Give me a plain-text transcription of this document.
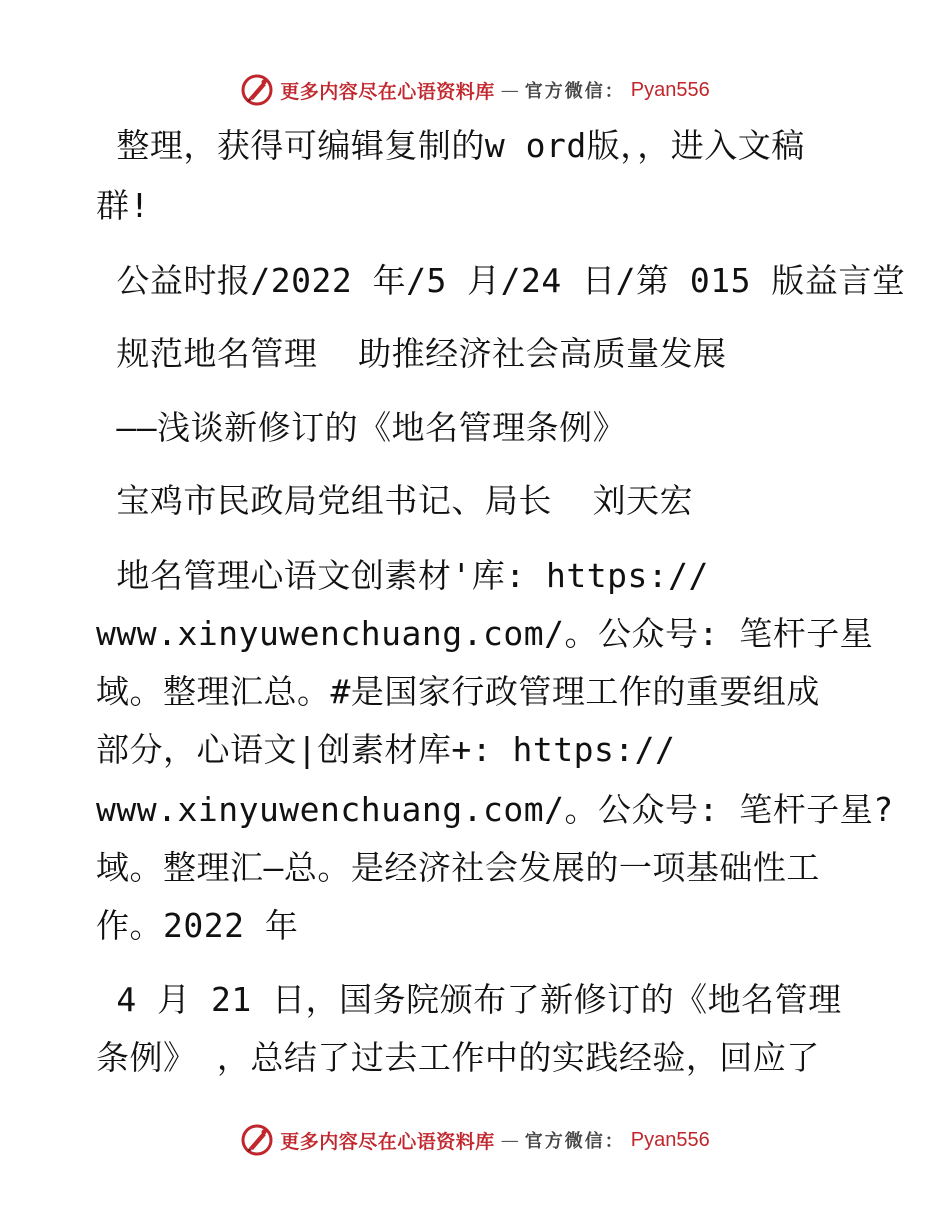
更多内容尽在心语资料库 — 官方微信： Pyan556
整理，获得可编辑复制的w ord版，，进入文稿
群!
公益时报/2022 年/5 月/24 日/第 015 版益言堂
规范地名管理  助推经济社会高质量发展
——浅谈新修订的《地名管理条例》
宝鸡市民政局党组书记、局长  刘天宏
地名管理心语文创素材'库: https://
www.xinyuwenchuang.com/。公众号: 笔杆子星
域。整理汇总。#是国家行政管理工作的重要组成
部分，心语文|创素材库+: https://
www.xinyuwenchuang.com/。公众号: 笔杆子星?
域。整理汇—总。是经济社会发展的一项基础性工
作。2022 年
4 月 21 日，国务院颁布了新修订的《地名管理
条例》 ，总结了过去工作中的实践经验，回应了
更多内容尽在心语资料库 — 官方微信： Pyan556
